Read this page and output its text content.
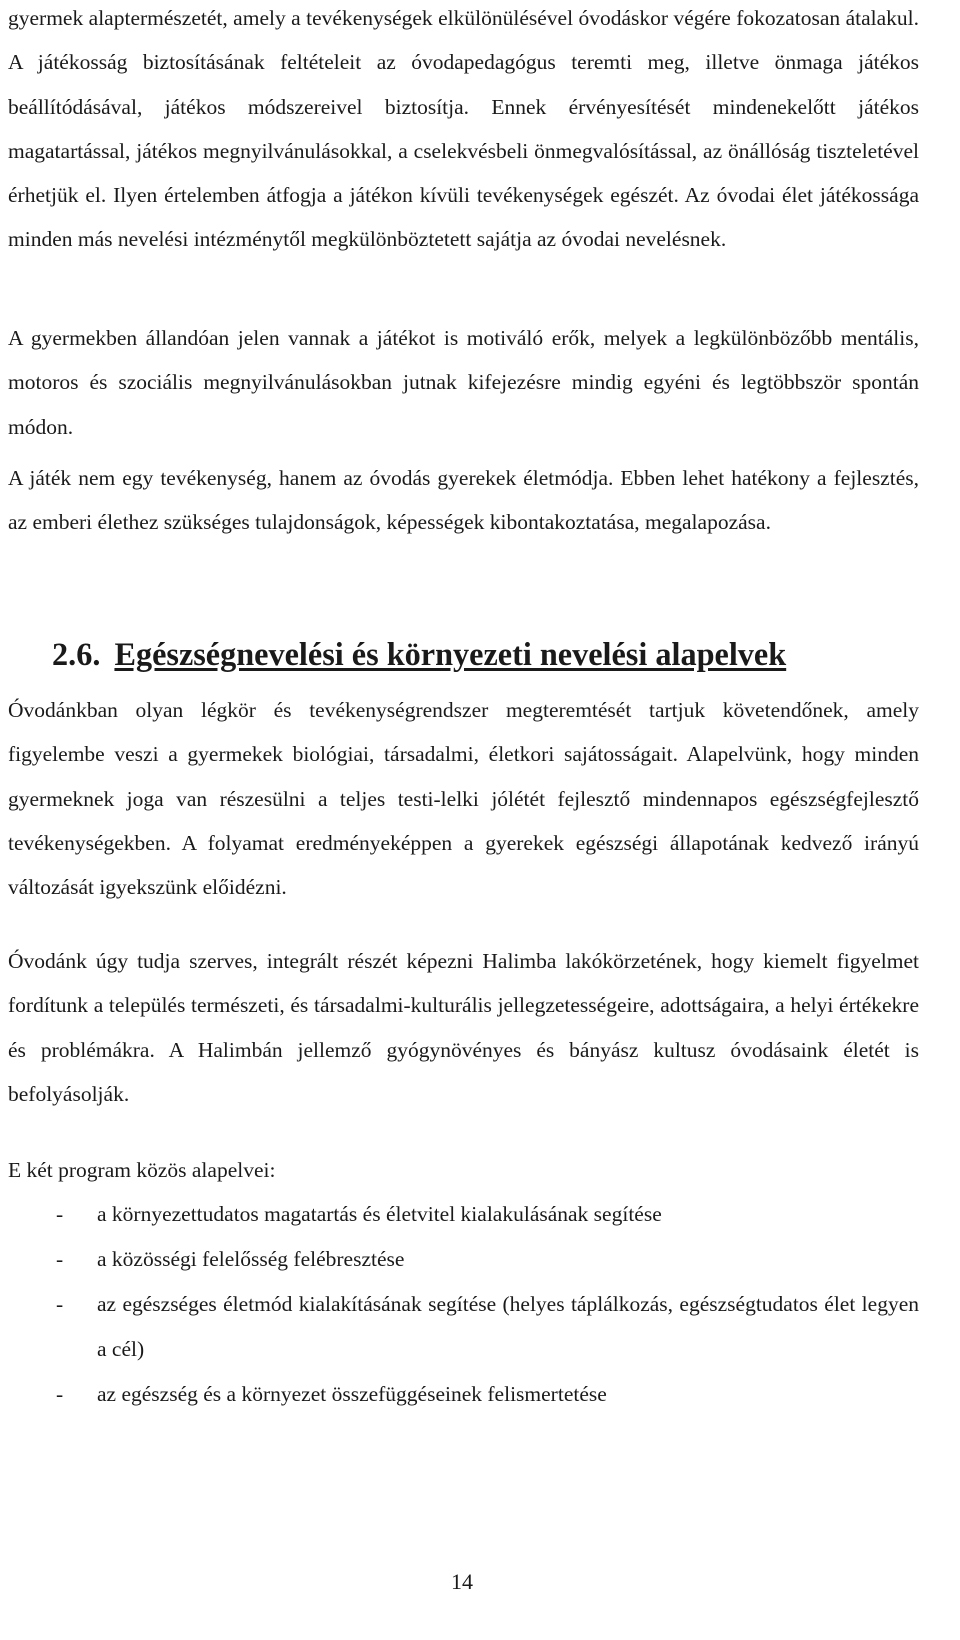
gyermek alaptermészetét, amely a tevékenységek elkülönülésével óvodáskor végére fokozatosan átalakul. A játékosság biztosításának feltételeit az óvodapedagógus teremti meg, illetve önmaga játékos beállítódásával, játékos módszereivel biztosítja. Ennek érvényesítését mindenekelőtt játékos magatartással, játékos megnyilvánulásokkal, a cselekvésbeli önmegvalósítással, az önállóság tiszteletével érhetjük el. Ilyen értelemben átfogja a játékon kívüli tevékenységek egészét. Az óvodai élet játékossága minden más nevelési intézménytől megkülönböztetett sajátja az óvodai nevelésnek.

A gyermekben állandóan jelen vannak a játékot is motiváló erők, melyek a legkülönbözőbb mentális, motoros és szociális megnyilvánulásokban jutnak kifejezésre mindig egyéni és legtöbbször spontán módon.

A játék nem egy tevékenység, hanem az óvodás gyerekek életmódja. Ebben lehet hatékony a fejlesztés, az emberi élethez szükséges tulajdonságok, képességek kibontakoztatása, megalapozása.

2.6. Egészségnevelési és környezeti nevelési alapelvek

Óvodánkban olyan légkör és tevékenységrendszer megteremtését tartjuk követendőnek, amely figyelembe veszi a gyermekek biológiai, társadalmi, életkori sajátosságait. Alapelvünk, hogy minden gyermeknek joga van részesülni a teljes testi-lelki jólétét fejlesztő mindennapos egészségfejlesztő tevékenységekben. A folyamat eredményeképpen a gyerekek egészségi állapotának kedvező irányú változását igyekszünk előidézni.

Óvodánk úgy tudja szerves, integrált részét képezni Halimba lakókörzetének, hogy kiemelt figyelmet fordítunk a település természeti, és társadalmi-kulturális jellegzetességeire, adottságaira, a helyi értékekre és problémákra. A Halimbán jellemző gyógynövényes és bányász kultusz óvodásaink életét is befolyásolják.

E két program közös alapelvei:

- a környezettudatos magatartás és életvitel kialakulásának segítése
- a közösségi felelősség felébresztése
- az egészséges életmód kialakításának segítése (helyes táplálkozás, egészségtudatos élet legyen a cél)
- az egészség és a környezet összefüggéseinek felismertetése
14
